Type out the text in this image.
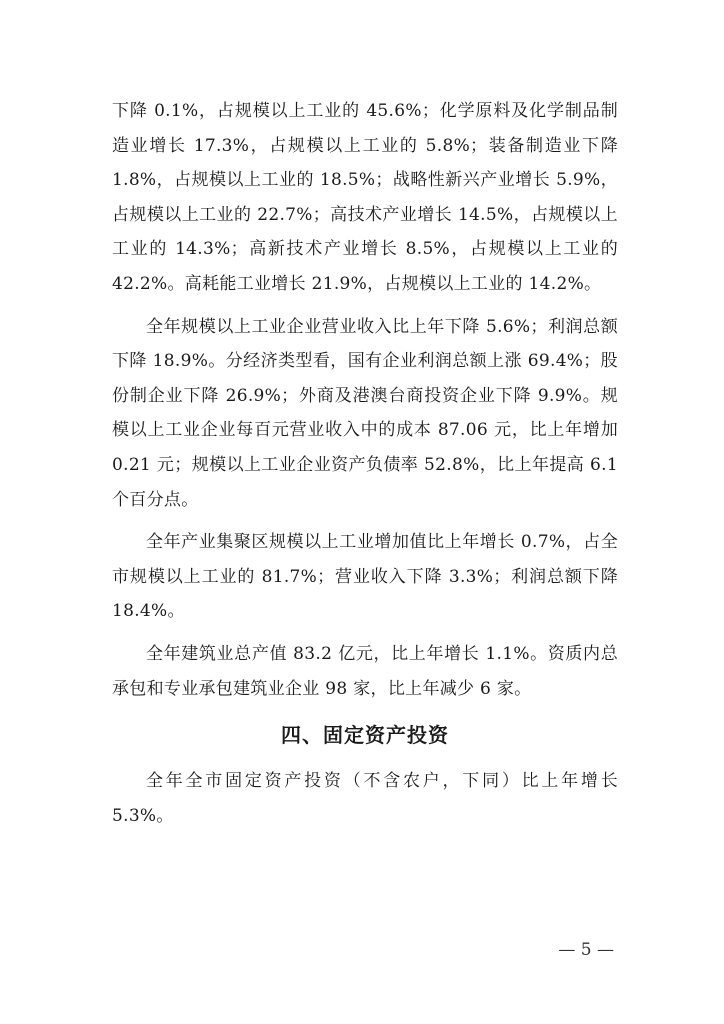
下降 0.1%，占规模以上工业的 45.6%；化学原料及化学制品制造业增长 17.3%，占规模以上工业的 5.8%；装备制造业下降 1.8%，占规模以上工业的 18.5%；战略性新兴产业增长 5.9%，占规模以上工业的 22.7%；高技术产业增长 14.5%，占规模以上工业的 14.3%；高新技术产业增长 8.5%，占规模以上工业的 42.2%。高耗能工业增长 21.9%，占规模以上工业的 14.2%。

全年规模以上工业企业营业收入比上年下降 5.6%；利润总额下降 18.9%。分经济类型看，国有企业利润总额上涨 69.4%；股份制企业下降 26.9%；外商及港澳台商投资企业下降 9.9%。规模以上工业企业每百元营业收入中的成本 87.06 元，比上年增加 0.21 元；规模以上工业企业资产负债率 52.8%，比上年提高 6.1 个百分点。

全年产业集聚区规模以上工业增加值比上年增长 0.7%，占全市规模以上工业的 81.7%；营业收入下降 3.3%；利润总额下降 18.4%。

全年建筑业总产值 83.2 亿元，比上年增长 1.1%。资质内总承包和专业承包建筑业企业 98 家，比上年减少 6 家。

四、固定资产投资

全年全市固定资产投资（不含农户，下同）比上年增长 5.3%。

— 5 —
